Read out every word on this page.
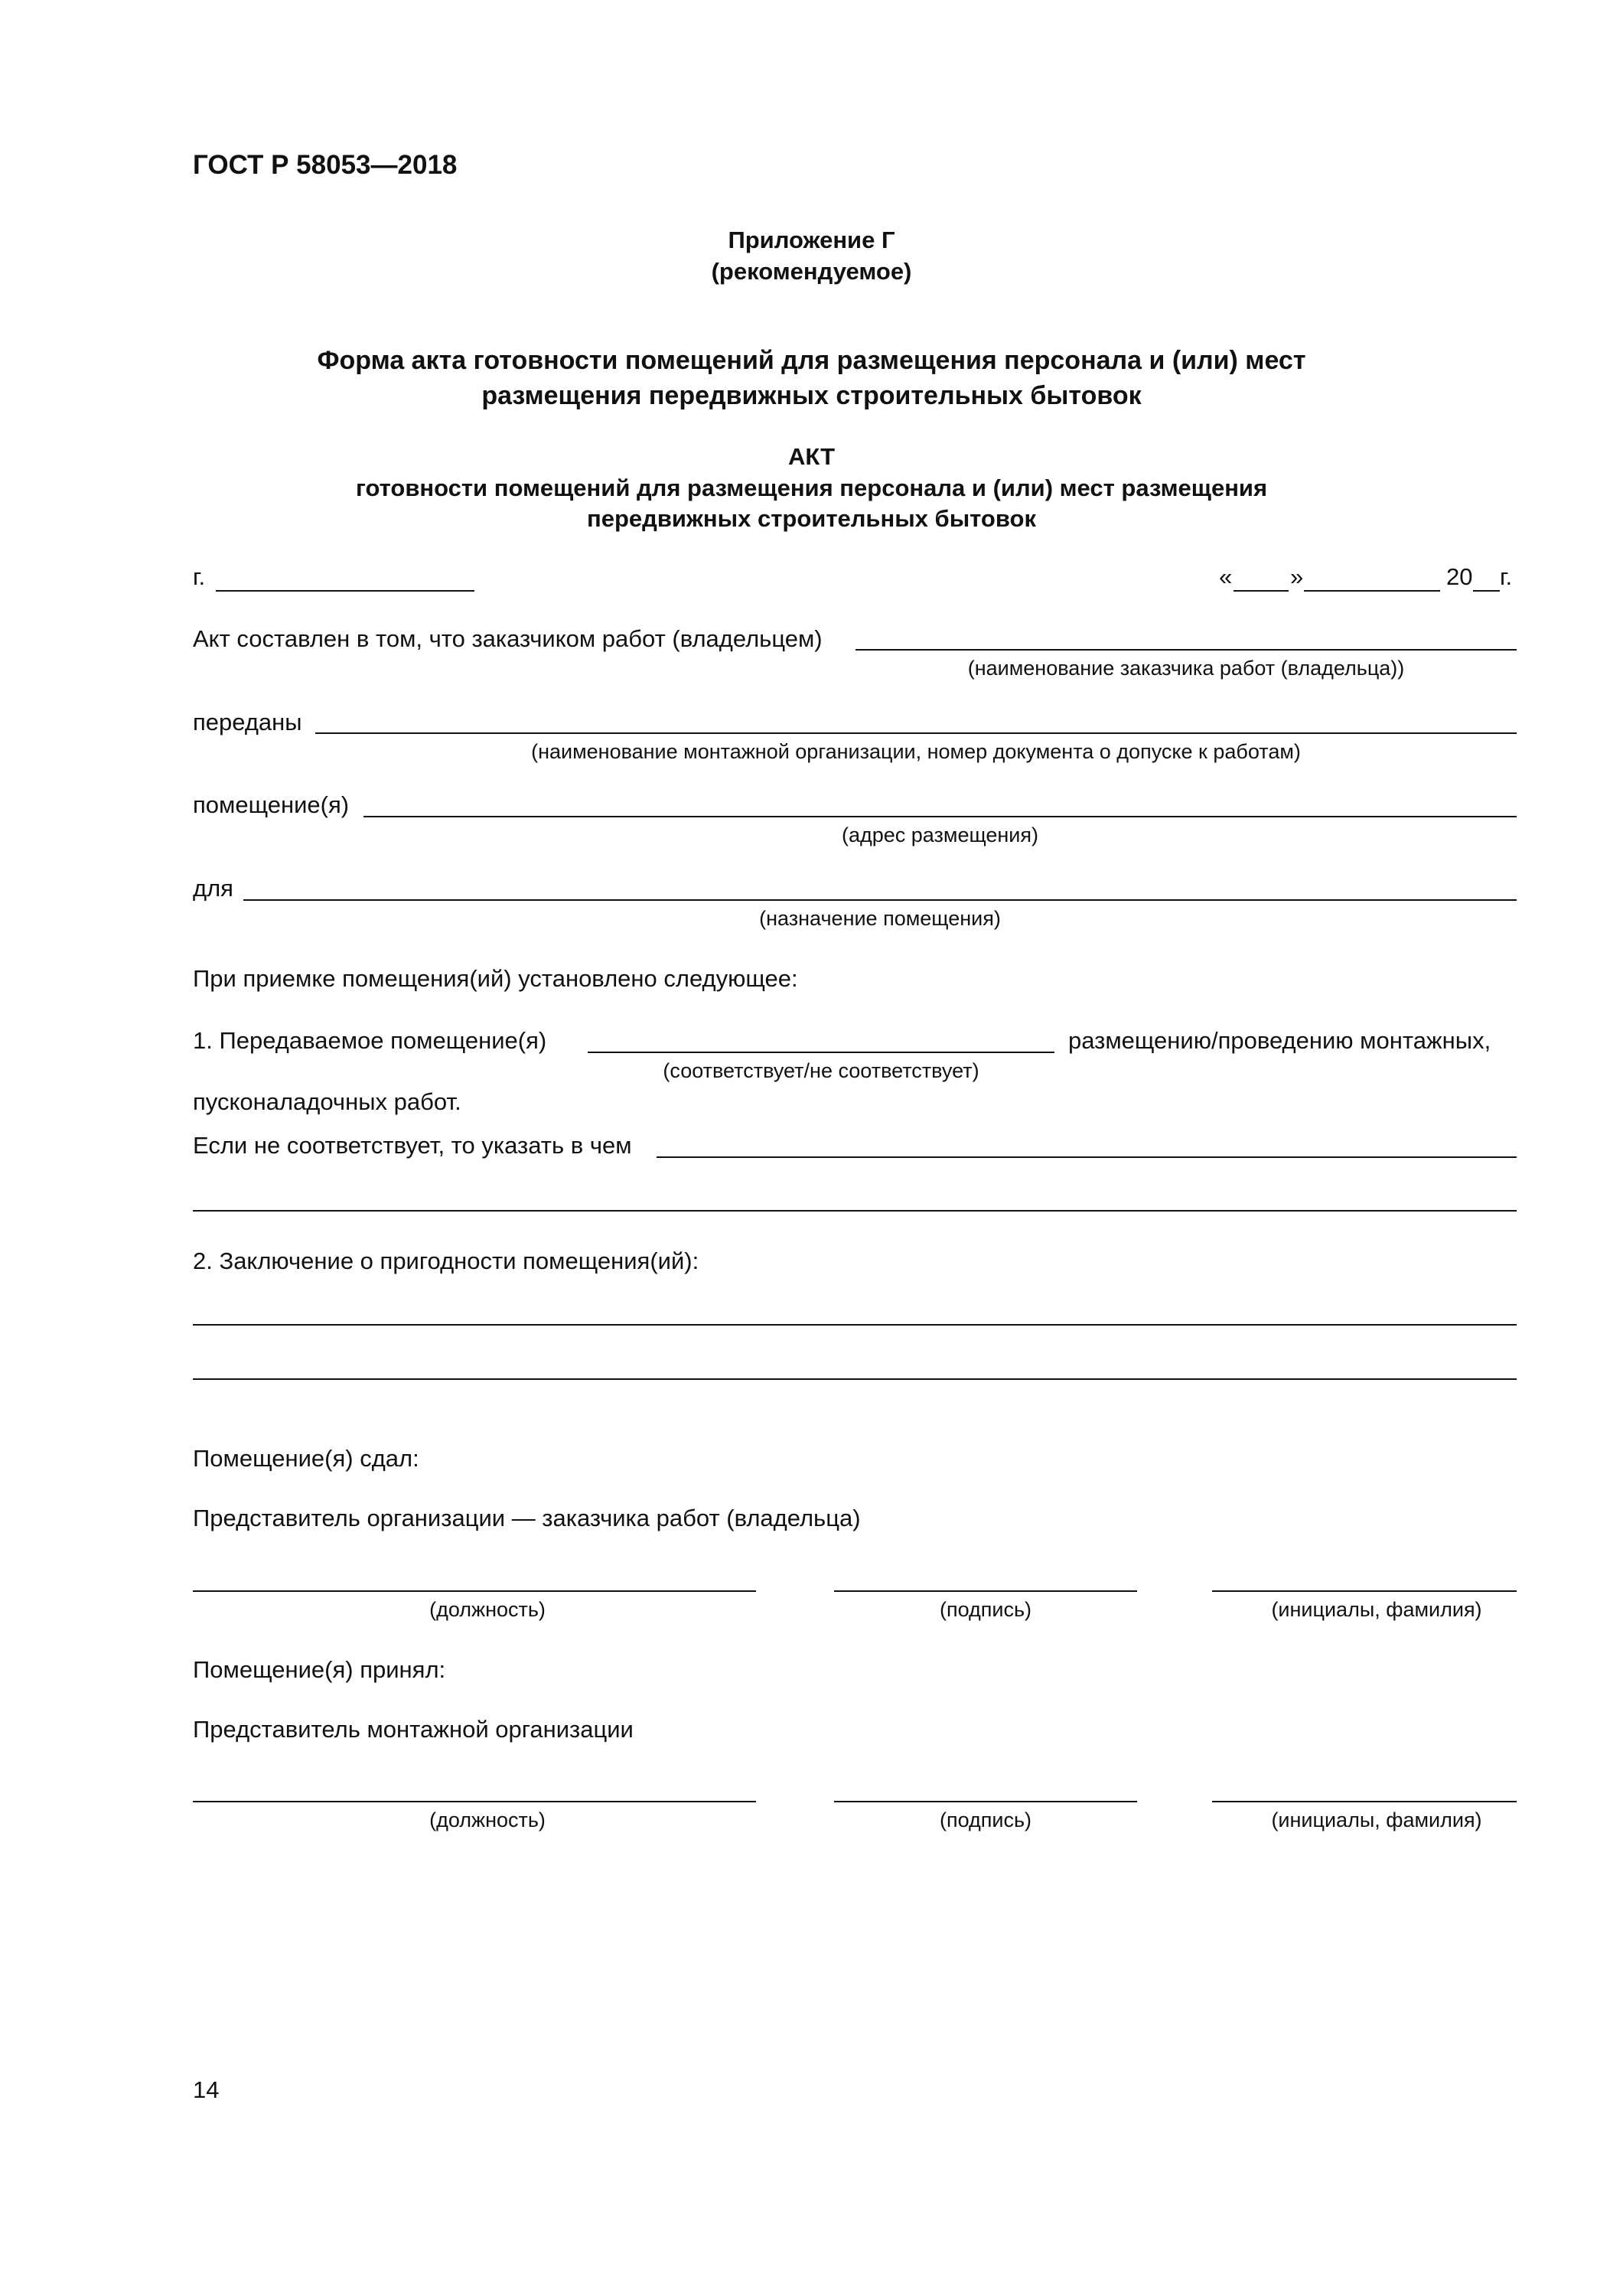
ГОСТ Р 58053—2018
Приложение Г
(рекомендуемое)
Форма акта готовности помещений для размещения персонала и (или) мест
размещения передвижных строительных бытовок
АКТ
готовности помещений для размещения персонала и (или) мест размещения
передвижных строительных бытовок
г.	« »	20 г.
Акт составлен в том, что заказчиком работ (владельцем)
(наименование заказчика работ (владельца))
переданы
(наименование монтажной организации, номер документа о допуске к работам)
помещение(я)
(адрес размещения)
для
(назначение помещения)
При приемке помещения(ий) установлено следующее:
1. Передаваемое помещение(я)	размещению/проведению монтажных,
(соответствует/не соответствует)
пусконаладочных работ.
Если не соответствует, то указать в чем
2. Заключение о пригодности помещения(ий):
Помещение(я) сдал:
Представитель организации — заказчика работ (владельца)
(должность)	(подпись)	(инициалы, фамилия)
Помещение(я) принял:
Представитель монтажной организации
(должность)	(подпись)	(инициалы, фамилия)
14
